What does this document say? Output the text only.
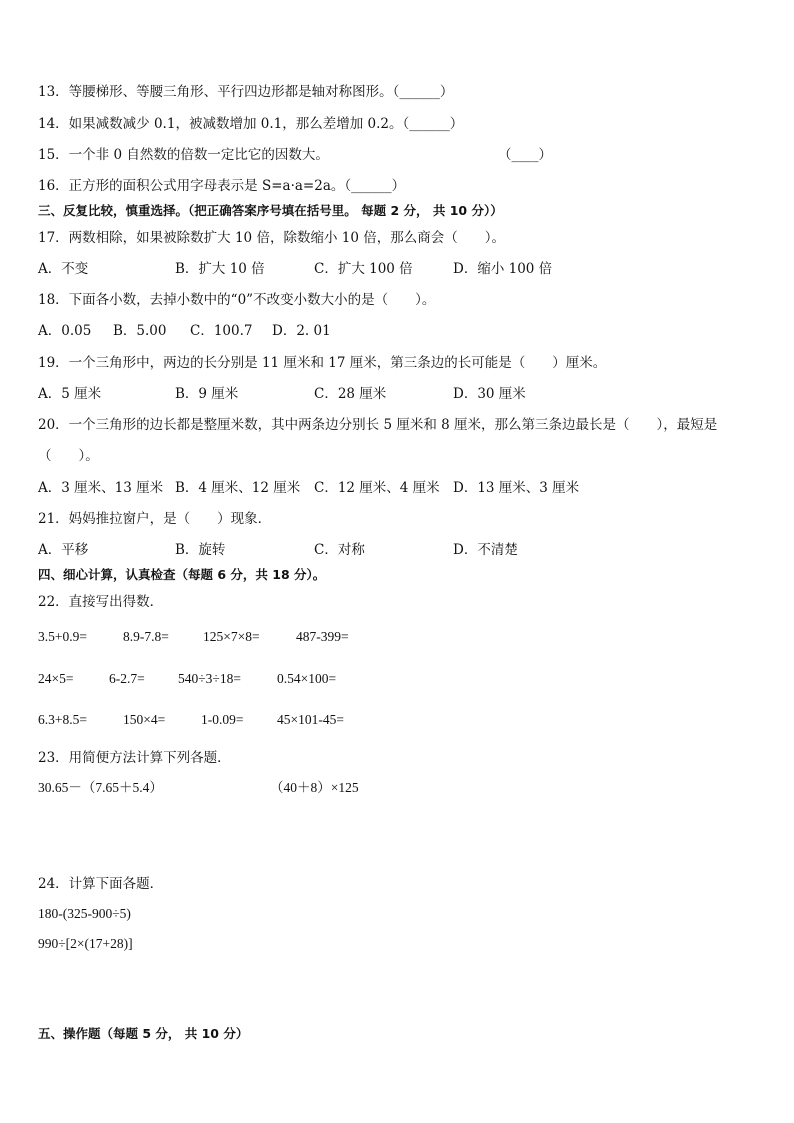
13．等腰梯形、等腰三角形、平行四边形都是轴对称图形。（______）
14．如果减数减少 0.1，被减数增加 0.1，那么差增加 0.2。（______）
15．一个非 0 自然数的倍数一定比它的因数大。	（____）
16．正方形的面积公式用字母表示是 S=a·a=2a。（______）
三、反复比较，慎重选择。（把正确答案序号填在括号里。 每题 2 分， 共 10 分））
17．两数相除，如果被除数扩大 10 倍，除数缩小 10 倍，那么商会（　　）。
A．不变	B．扩大 10 倍	C．扩大 100 倍	D．缩小 100 倍
18．下面各小数，去掉小数中的“0”不改变小数大小的是（　　）。
A．0.05 B．5.00 C．100.7 D．2. 01
19．一个三角形中，两边的长分别是 11 厘米和 17 厘米，第三条边的长可能是（　　）厘米。
A．5 厘米	B．9 厘米	C．28 厘米	D．30 厘米
20．一个三角形的边长都是整厘米数，其中两条边分别长 5 厘米和 8 厘米，那么第三条边最长是（　　），最短是
（　　）。
A．3 厘米、13 厘米 B．4 厘米、12 厘米 C．12 厘米、4 厘米 D．13 厘米、3 厘米
21．妈妈推拉窗户，是（　　）现象．
A．平移	B．旋转	C．对称	D．不清楚
四、细心计算，认真检查（每题 6 分，共 18 分）。
22．直接写出得数．
3.5+0.9=	8.9-7.8=	125×7×8=	487-399=
24×5=	6-2.7= 540÷3÷18=	0.54×100=
6.3+8.5=	150×4=	1-0.09= 45×101-45=
23．用简便方法计算下列各题．
30.65－（7.65＋5.4）	（40＋8）×125
24．计算下面各题．
180-(325-900÷5)
990÷[2×(17+28)]
五、操作题（每题 5 分， 共 10 分）
